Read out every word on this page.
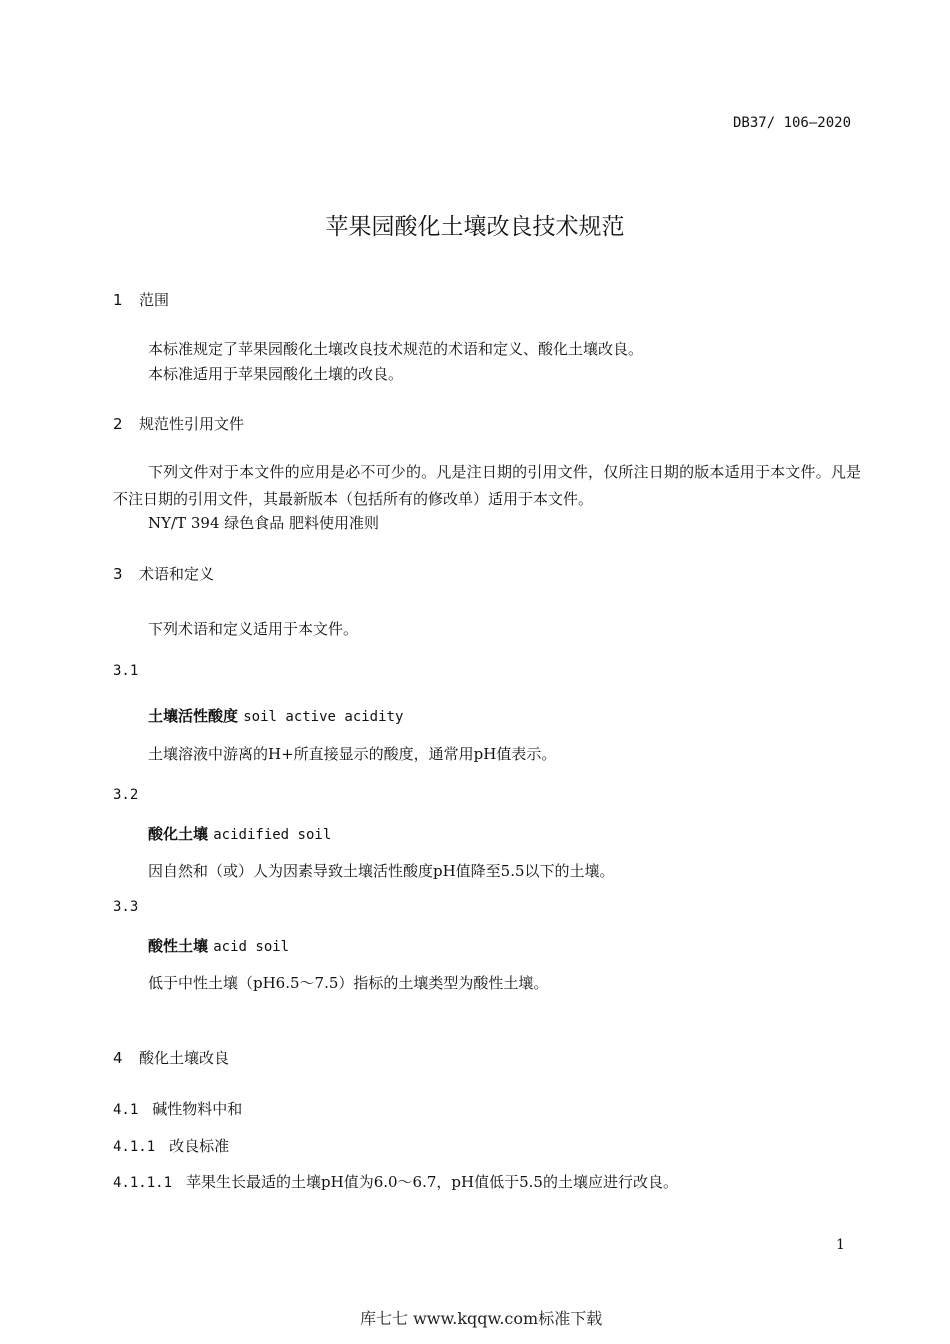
DB37/ 106—2020
苹果园酸化土壤改良技术规范
1 范围
本标准规定了苹果园酸化土壤改良技术规范的术语和定义、酸化土壤改良。
本标准适用于苹果园酸化土壤的改良。
2 规范性引用文件
下列文件对于本文件的应用是必不可少的。凡是注日期的引用文件，仅所注日期的版本适用于本文件。凡是不注日期的引用文件，其最新版本（包括所有的修改单）适用于本文件。
NY/T 394 绿色食品 肥料使用准则
3 术语和定义
下列术语和定义适用于本文件。
3.1
土壤活性酸度 soil active acidity
土壤溶液中游离的H+所直接显示的酸度，通常用pH值表示。
3.2
酸化土壤 acidified soil
因自然和（或）人为因素导致土壤活性酸度pH值降至5.5以下的土壤。
3.3
酸性土壤 acid soil
低于中性土壤（pH6.5～7.5）指标的土壤类型为酸性土壤。
4 酸化土壤改良
4.1 碱性物料中和
4.1.1 改良标准
4.1.1.1 苹果生长最适的土壤pH值为6.0～6.7，pH值低于5.5的土壤应进行改良。
1
库七七 www.kqqw.com标准下载
